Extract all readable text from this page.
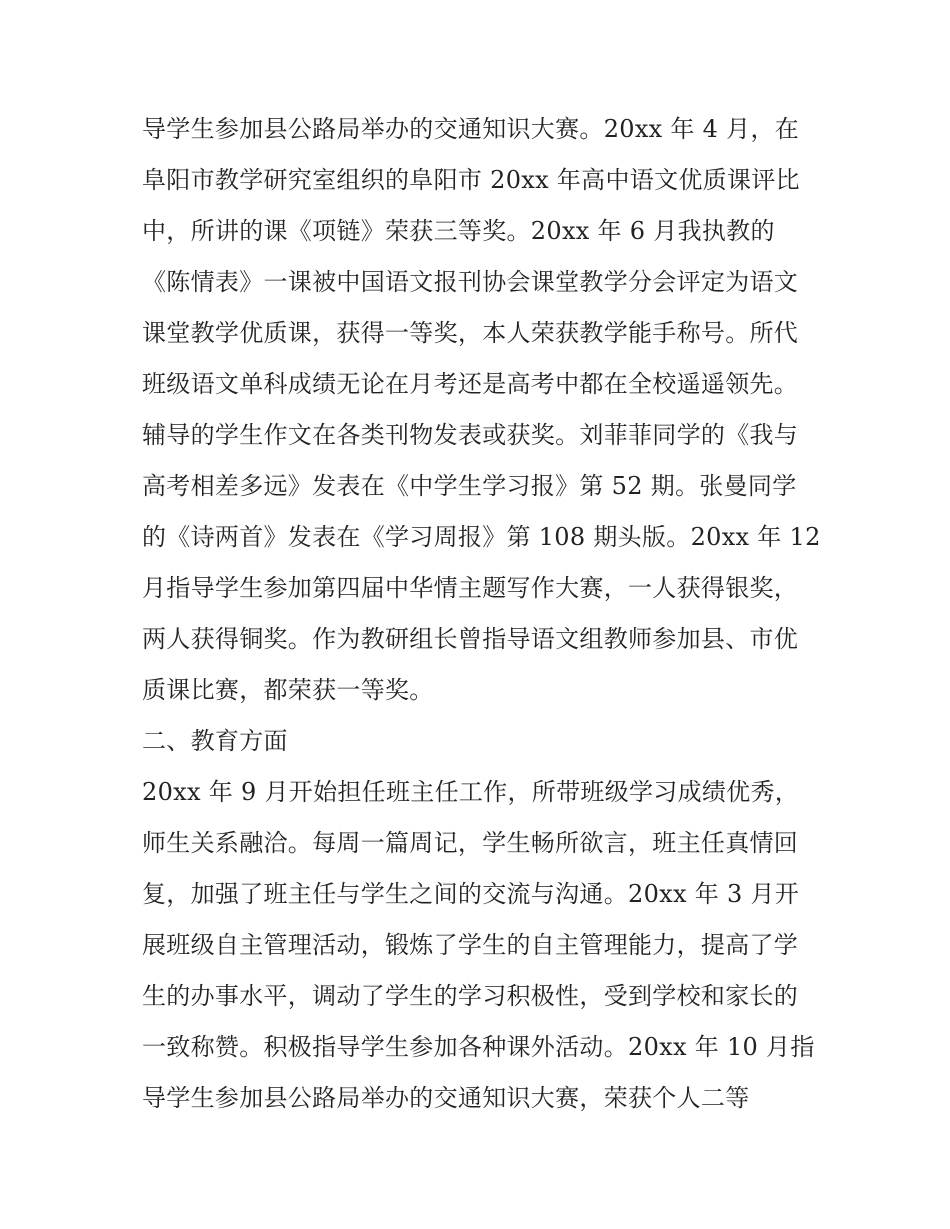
导学生参加县公路局举办的交通知识大赛。20xx 年 4 月，在
阜阳市教学研究室组织的阜阳市 20xx 年高中语文优质课评比
中，所讲的课《项链》荣获三等奖。20xx 年 6 月我执教的
《陈情表》一课被中国语文报刊协会课堂教学分会评定为语文
课堂教学优质课，获得一等奖，本人荣获教学能手称号。所代
班级语文单科成绩无论在月考还是高考中都在全校遥遥领先。
辅导的学生作文在各类刊物发表或获奖。刘菲菲同学的《我与
高考相差多远》发表在《中学生学习报》第 52 期。张曼同学
的《诗两首》发表在《学习周报》第 108 期头版。20xx 年 12
月指导学生参加第四届中华情主题写作大赛，一人获得银奖，
两人获得铜奖。作为教研组长曾指导语文组教师参加县、市优
质课比赛，都荣获一等奖。
二、教育方面
20xx 年 9 月开始担任班主任工作，所带班级学习成绩优秀，
师生关系融洽。每周一篇周记，学生畅所欲言，班主任真情回
复，加强了班主任与学生之间的交流与沟通。20xx 年 3 月开
展班级自主管理活动，锻炼了学生的自主管理能力，提高了学
生的办事水平，调动了学生的学习积极性，受到学校和家长的
一致称赞。积极指导学生参加各种课外活动。20xx 年 10 月指
导学生参加县公路局举办的交通知识大赛，荣获个人二等
